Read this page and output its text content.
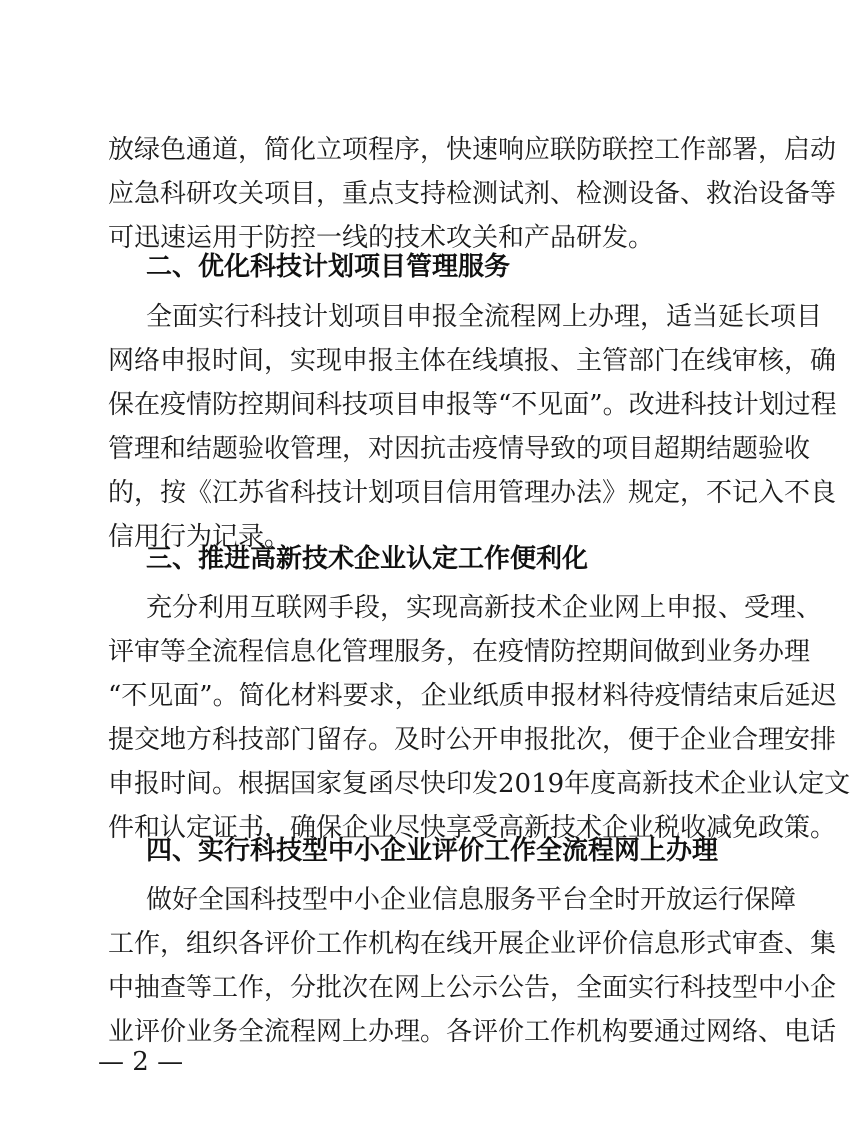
放绿色通道，简化立项程序，快速响应联防联控工作部署，启动
应急科研攻关项目，重点支持检测试剂、检测设备、救治设备等
可迅速运用于防控一线的技术攻关和产品研发。
二、优化科技计划项目管理服务
全面实行科技计划项目申报全流程网上办理，适当延长项目
网络申报时间，实现申报主体在线填报、主管部门在线审核，确
保在疫情防控期间科技项目申报等“不见面”。改进科技计划过程
管理和结题验收管理，对因抗击疫情导致的项目超期结题验收
的，按《江苏省科技计划项目信用管理办法》规定，不记入不良
信用行为记录。
三、推进高新技术企业认定工作便利化
充分利用互联网手段，实现高新技术企业网上申报、受理、
评审等全流程信息化管理服务，在疫情防控期间做到业务办理
“不见面”。简化材料要求，企业纸质申报材料待疫情结束后延迟
提交地方科技部门留存。及时公开申报批次，便于企业合理安排
申报时间。根据国家复函尽快印发2019年度高新技术企业认定文
件和认定证书，确保企业尽快享受高新技术企业税收减免政策。
四、实行科技型中小企业评价工作全流程网上办理
做好全国科技型中小企业信息服务平台全时开放运行保障
工作，组织各评价工作机构在线开展企业评价信息形式审查、集
中抽查等工作，分批次在网上公示公告，全面实行科技型中小企
业评价业务全流程网上办理。各评价工作机构要通过网络、电话
— 2 —
